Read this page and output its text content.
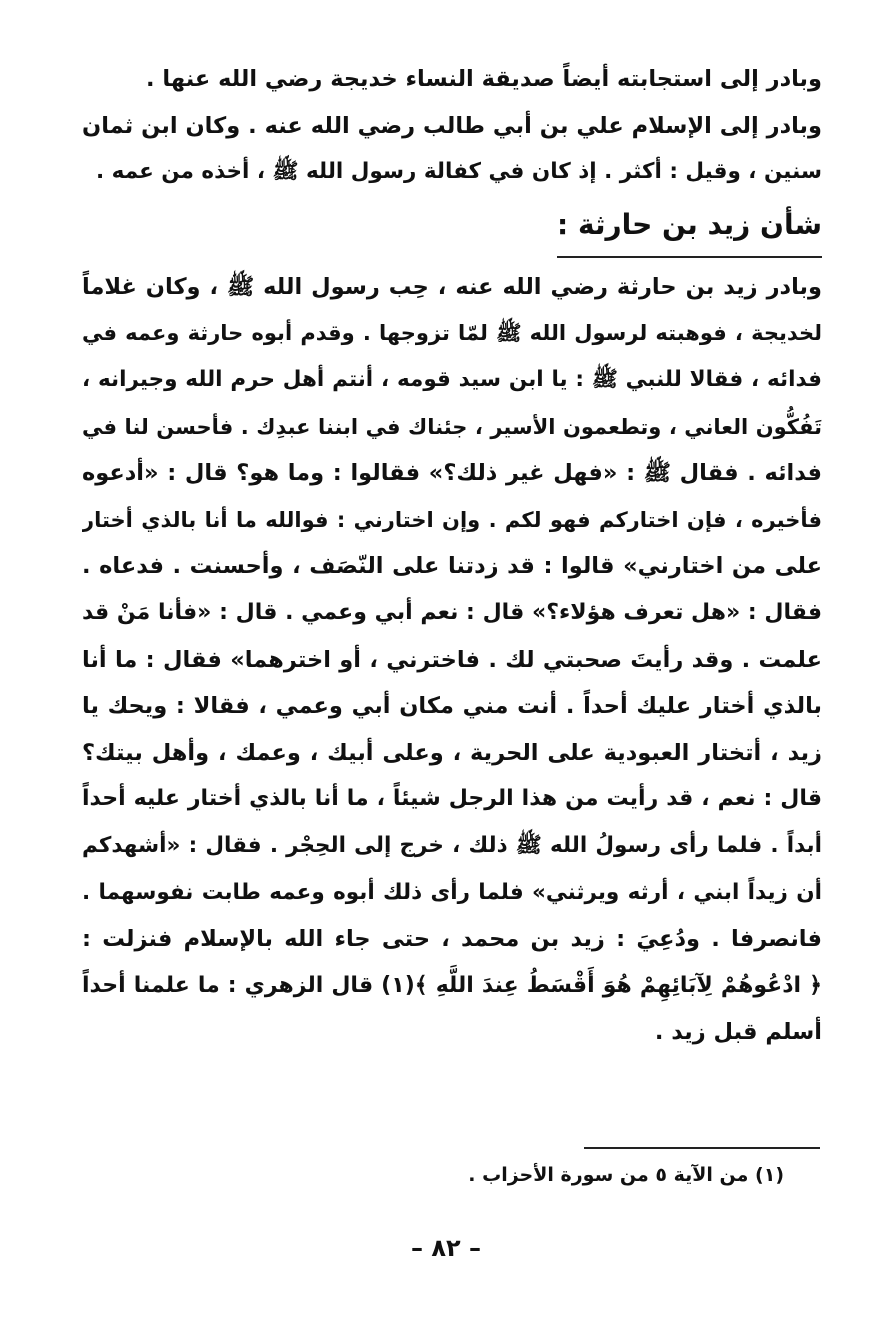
وبادر إلى استجابته أيضاً صديقة النساء خديجة رضي الله عنها .
وبادر إلى الإسلام علي بن أبي طالب رضي الله عنه . وكان ابن ثمان
سنين ، وقيل : أكثر . إذ كان في كفالة رسول الله ﷺ ، أخذه من عمه .
شأن زيد بن حارثة :
وبادر زيد بن حارثة رضي الله عنه ، حِب رسول الله ﷺ ، وكان غلاماً
لخديجة ، فوهبته لرسول الله ﷺ لمّا تزوجها . وقدم أبوه حارثة وعمه في
فدائه ، فقالا للنبي ﷺ : يا ابن سيد قومه ، أنتم أهل حرم الله وجيرانه ،
تَفُكُّون العاني ، وتطعمون الأسير ، جئناك في ابننا عبدِك . فأحسن لنا في
فدائه . فقال ﷺ : «فهل غير ذلك؟» فقالوا : وما هو؟ قال : «أدعوه
فأخيره ، فإن اختاركم فهو لكم . وإن اختارني : فوالله ما أنا بالذي أختار
على من اختارني» قالوا : قد زدتنا على النّصَف ، وأحسنت . فدعاه .
فقال : «هل تعرف هؤلاء؟» قال : نعم أبي وعمي . قال : «فأنا مَنْ قد
علمت . وقد رأيتَ صحبتي لك . فاخترني ، أو اخترهما» فقال : ما أنا
بالذي أختار عليك أحداً . أنت مني مكان أبي وعمي ، فقالا : ويحك يا
زيد ، أتختار العبودية على الحرية ، وعلى أبيك ، وعمك ، وأهل بيتك؟
قال : نعم ، قد رأيت من هذا الرجل شيئاً ، ما أنا بالذي أختار عليه أحداً
أبداً . فلما رأى رسولُ الله ﷺ ذلك ، خرج إلى الحِجْر . فقال : «أشهدكم
أن زيداً ابني ، أرثه ويرثني» فلما رأى ذلك أبوه وعمه طابت نفوسهما .
فانصرفا . ودُعِيَ : زيد بن محمد ، حتى جاء الله بالإسلام فنزلت :
﴿ ادْعُوهُمْ لِآبَائِهِمْ هُوَ أَقْسَطُ عِندَ اللَّهِ ﴾(١) قال الزهري : ما علمنا أحداً
أسلم قبل زيد .
(١) من الآية ٥ من سورة الأحزاب .
– ٨٢ –
